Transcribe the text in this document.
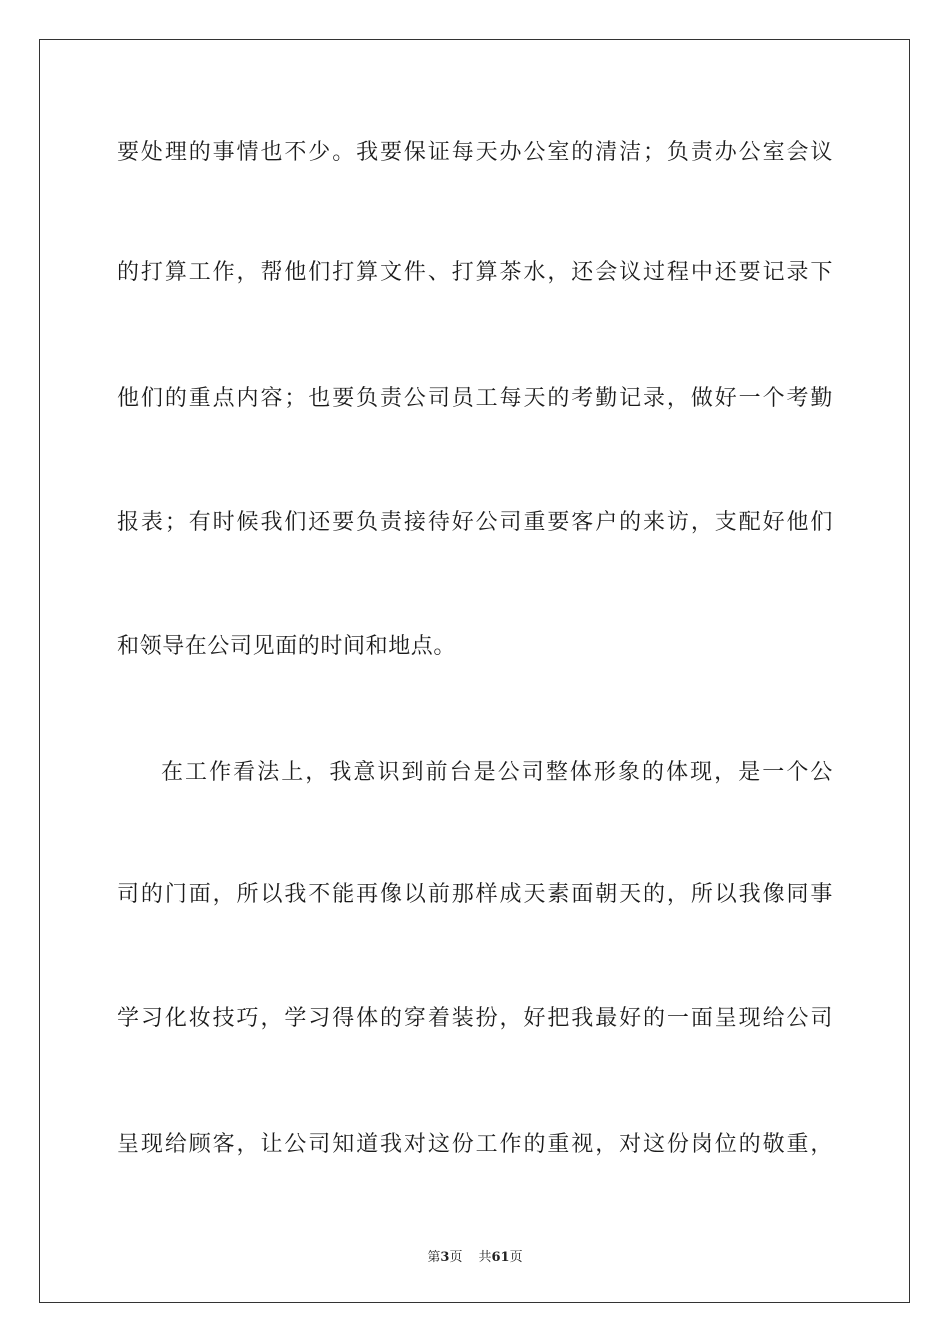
要处理的事情也不少。我要保证每天办公室的清洁；负责办公室会议
的打算工作，帮他们打算文件、打算茶水，还会议过程中还要记录下
他们的重点内容；也要负责公司员工每天的考勤记录，做好一个考勤
报表；有时候我们还要负责接待好公司重要客户的来访，支配好他们
和领导在公司见面的时间和地点。
在工作看法上，我意识到前台是公司整体形象的体现，是一个公
司的门面，所以我不能再像以前那样成天素面朝天的，所以我像同事
学习化妆技巧，学习得体的穿着装扮，好把我最好的一面呈现给公司
呈现给顾客，让公司知道我对这份工作的重视，对这份岗位的敬重，
第3页 共61页
